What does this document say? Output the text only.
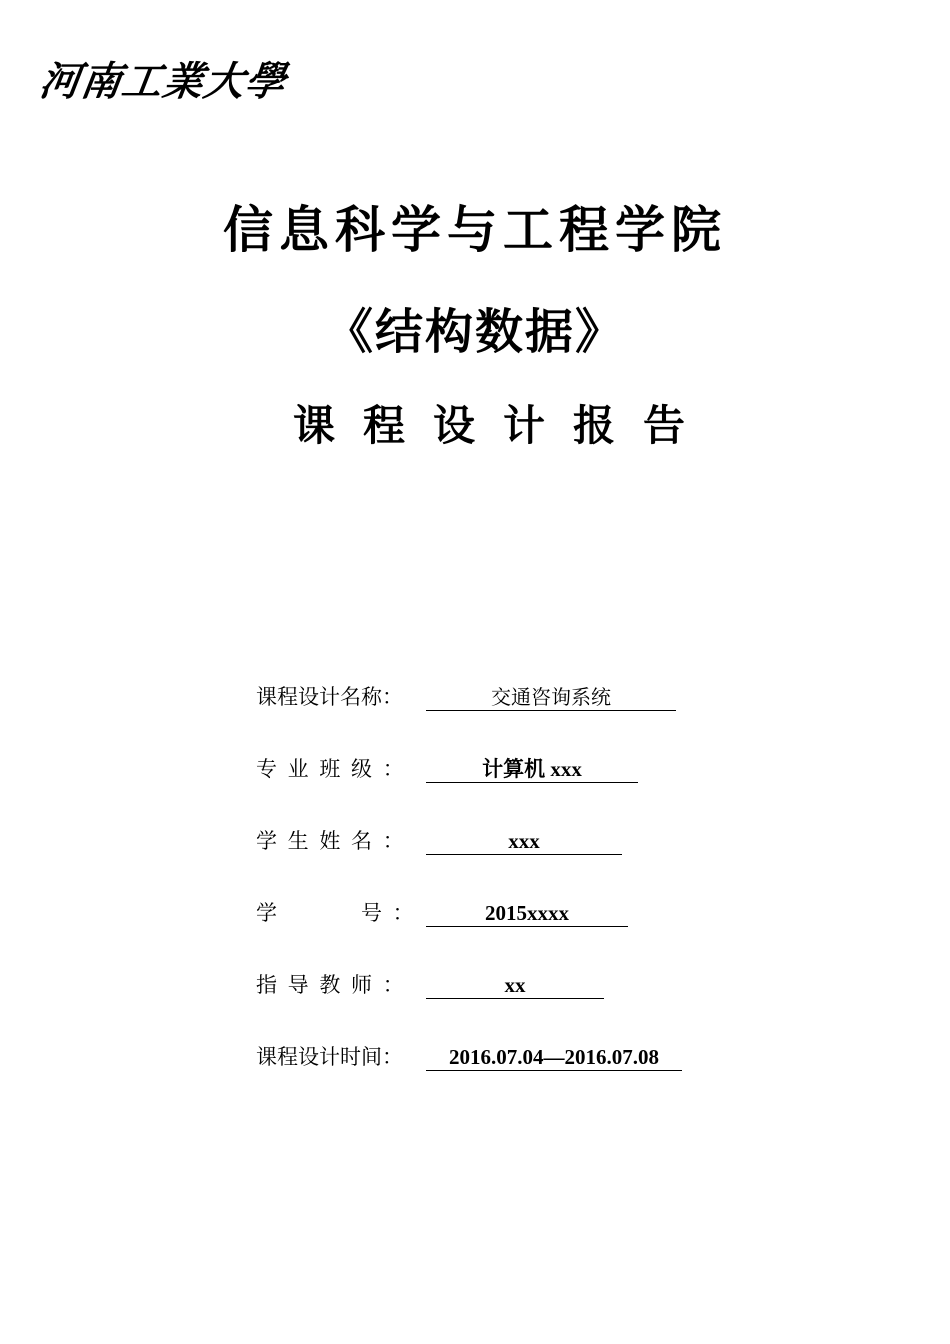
河南工業大學
信息科学与工程学院
《结构数据》
课程设计报告
课程设计名称：	交通咨询系统
专 业 班 级 ：	计算机 xxx
学 生 姓 名 ：	xxx
学	号 ：	2015xxxx
指 导 教 师 ：	xx
课程设计时间：	2016.07.04—2016.07.08
